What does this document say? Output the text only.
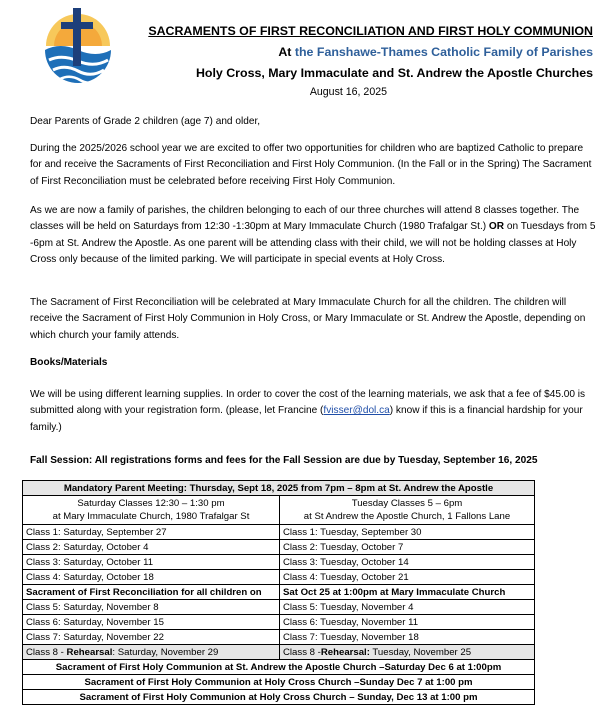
SACRAMENTS OF FIRST RECONCILIATION AND FIRST HOLY COMMUNION
At the Fanshawe-Thames Catholic Family of Parishes
Holy Cross, Mary Immaculate and St. Andrew the Apostle Churches
August 16, 2025

Dear Parents of Grade 2 children (age 7) and older,

During the 2025/2026 school year we are excited to offer two opportunities for children who are baptized Catholic to prepare for and receive the Sacraments of First Reconciliation and First Holy Communion. (In the Fall or in the Spring) The Sacrament of First Reconciliation must be celebrated before receiving First Holy Communion.

As we are now a family of parishes, the children belonging to each of our three churches will attend 8 classes together. The classes will be held on Saturdays from 12:30 -1:30pm at Mary Immaculate Church (1980 Trafalgar St.) OR on Tuesdays from 5 -6pm at St. Andrew the Apostle. As one parent will be attending class with their child, we will not be holding classes at Holy Cross only because of the limited parking. We will participate in special events at Holy Cross.

The Sacrament of First Reconciliation will be celebrated at Mary Immaculate Church for all the children. The children will receive the Sacrament of First Holy Communion in Holy Cross, or Mary Immaculate or St. Andrew the Apostle, depending on which church your family attends.

Books/Materials

We will be using different learning supplies. In order to cover the cost of the learning materials, we ask that a fee of $45.00 is submitted along with your registration form. (please, let Francine (fvisser@dol.ca) know if this is a financial hardship for your family.)

Fall Session: All registrations forms and fees for the Fall Session are due by Tuesday, September 16, 2025

Mandatory Parent Meeting: Thursday, Sept 18, 2025 from 7pm – 8pm at St. Andrew the Apostle	
Saturday Classes 12:30 – 1:30 pm
at Mary Immaculate Church, 1980 Trafalgar St	Tuesday Classes 5 – 6pm
at St Andrew the Apostle Church, 1 Fallons Lane
Class 1: Saturday, September 27	Class 1: Tuesday, September 30
Class 2: Saturday, October 4	Class 2: Tuesday, October 7
Class 3: Saturday, October 11	Class 3: Tuesday, October 14
Class 4: Saturday, October 18	Class 4: Tuesday, October 21
Sacrament of First Reconciliation for all children on	Sat Oct 25 at 1:00pm at Mary Immaculate Church
Class 5: Saturday, November 8	Class 5: Tuesday, November 4
Class 6: Saturday, November 15	Class 6: Tuesday, November 11
Class 7: Saturday, November 22	Class 7: Tuesday, November 18
Class 8 - Rehearsal: Saturday, November 29	Class 8 -Rehearsal: Tuesday, November 25
Sacrament of First Holy Communion at St. Andrew the Apostle Church –Saturday Dec 6 at 1:00pm	
Sacrament of First Holy Communion at Holy Cross Church –Sunday Dec 7 at 1:00 pm	
Sacrament of First Holy Communion at Holy Cross Church – Sunday, Dec 13 at 1:00 pm	
